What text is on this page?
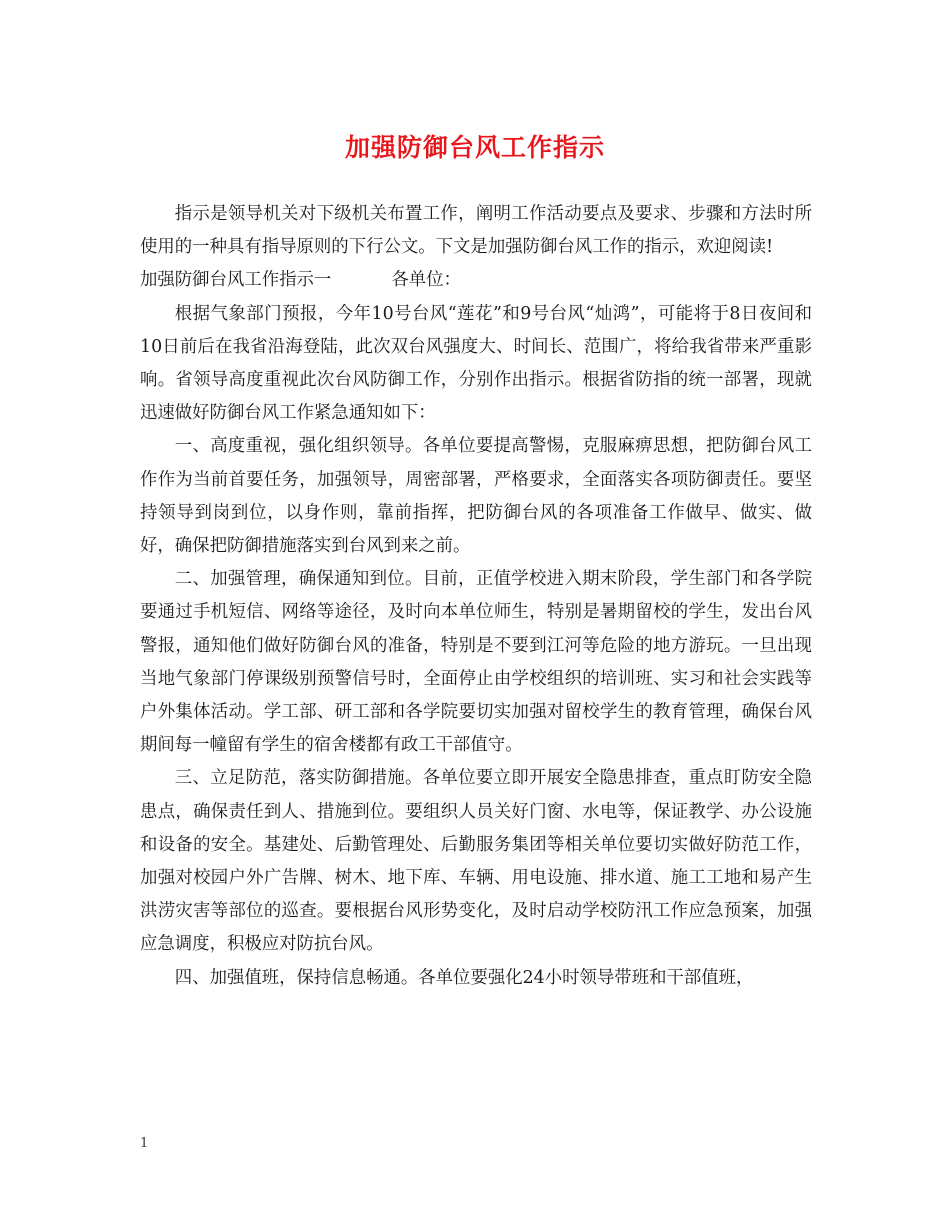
加强防御台风工作指示

指示是领导机关对下级机关布置工作，阐明工作活动要点及要求、步骤和方法时所使用的一种具有指导原则的下行公文。下文是加强防御台风工作的指示，欢迎阅读!

加强防御台风工作指示一	各单位：

根据气象部门预报，今年10号台风“莲花”和9号台风“灿鸿”，可能将于8日夜间和10日前后在我省沿海登陆，此次双台风强度大、时间长、范围广，将给我省带来严重影响。省领导高度重视此次台风防御工作，分别作出指示。根据省防指的统一部署，现就迅速做好防御台风工作紧急通知如下：

一、高度重视，强化组织领导。各单位要提高警惕，克服麻痹思想，把防御台风工作作为当前首要任务，加强领导，周密部署，严格要求，全面落实各项防御责任。要坚持领导到岗到位，以身作则，靠前指挥，把防御台风的各项准备工作做早、做实、做好，确保把防御措施落实到台风到来之前。

二、加强管理，确保通知到位。目前，正值学校进入期末阶段，学生部门和各学院要通过手机短信、网络等途径，及时向本单位师生，特别是暑期留校的学生，发出台风警报，通知他们做好防御台风的准备，特别是不要到江河等危险的地方游玩。一旦出现当地气象部门停课级别预警信号时，全面停止由学校组织的培训班、实习和社会实践等户外集体活动。学工部、研工部和各学院要切实加强对留校学生的教育管理，确保台风期间每一幢留有学生的宿舍楼都有政工干部值守。

三、立足防范，落实防御措施。各单位要立即开展安全隐患排查，重点盯防安全隐患点，确保责任到人、措施到位。要组织人员关好门窗、水电等，保证教学、办公设施和设备的安全。基建处、后勤管理处、后勤服务集团等相关单位要切实做好防范工作，加强对校园户外广告牌、树木、地下库、车辆、用电设施、排水道、施工工地和易产生洪涝灾害等部位的巡查。要根据台风形势变化，及时启动学校防汛工作应急预案，加强应急调度，积极应对防抗台风。

四、加强值班，保持信息畅通。各单位要强化24小时领导带班和干部值班，

1
